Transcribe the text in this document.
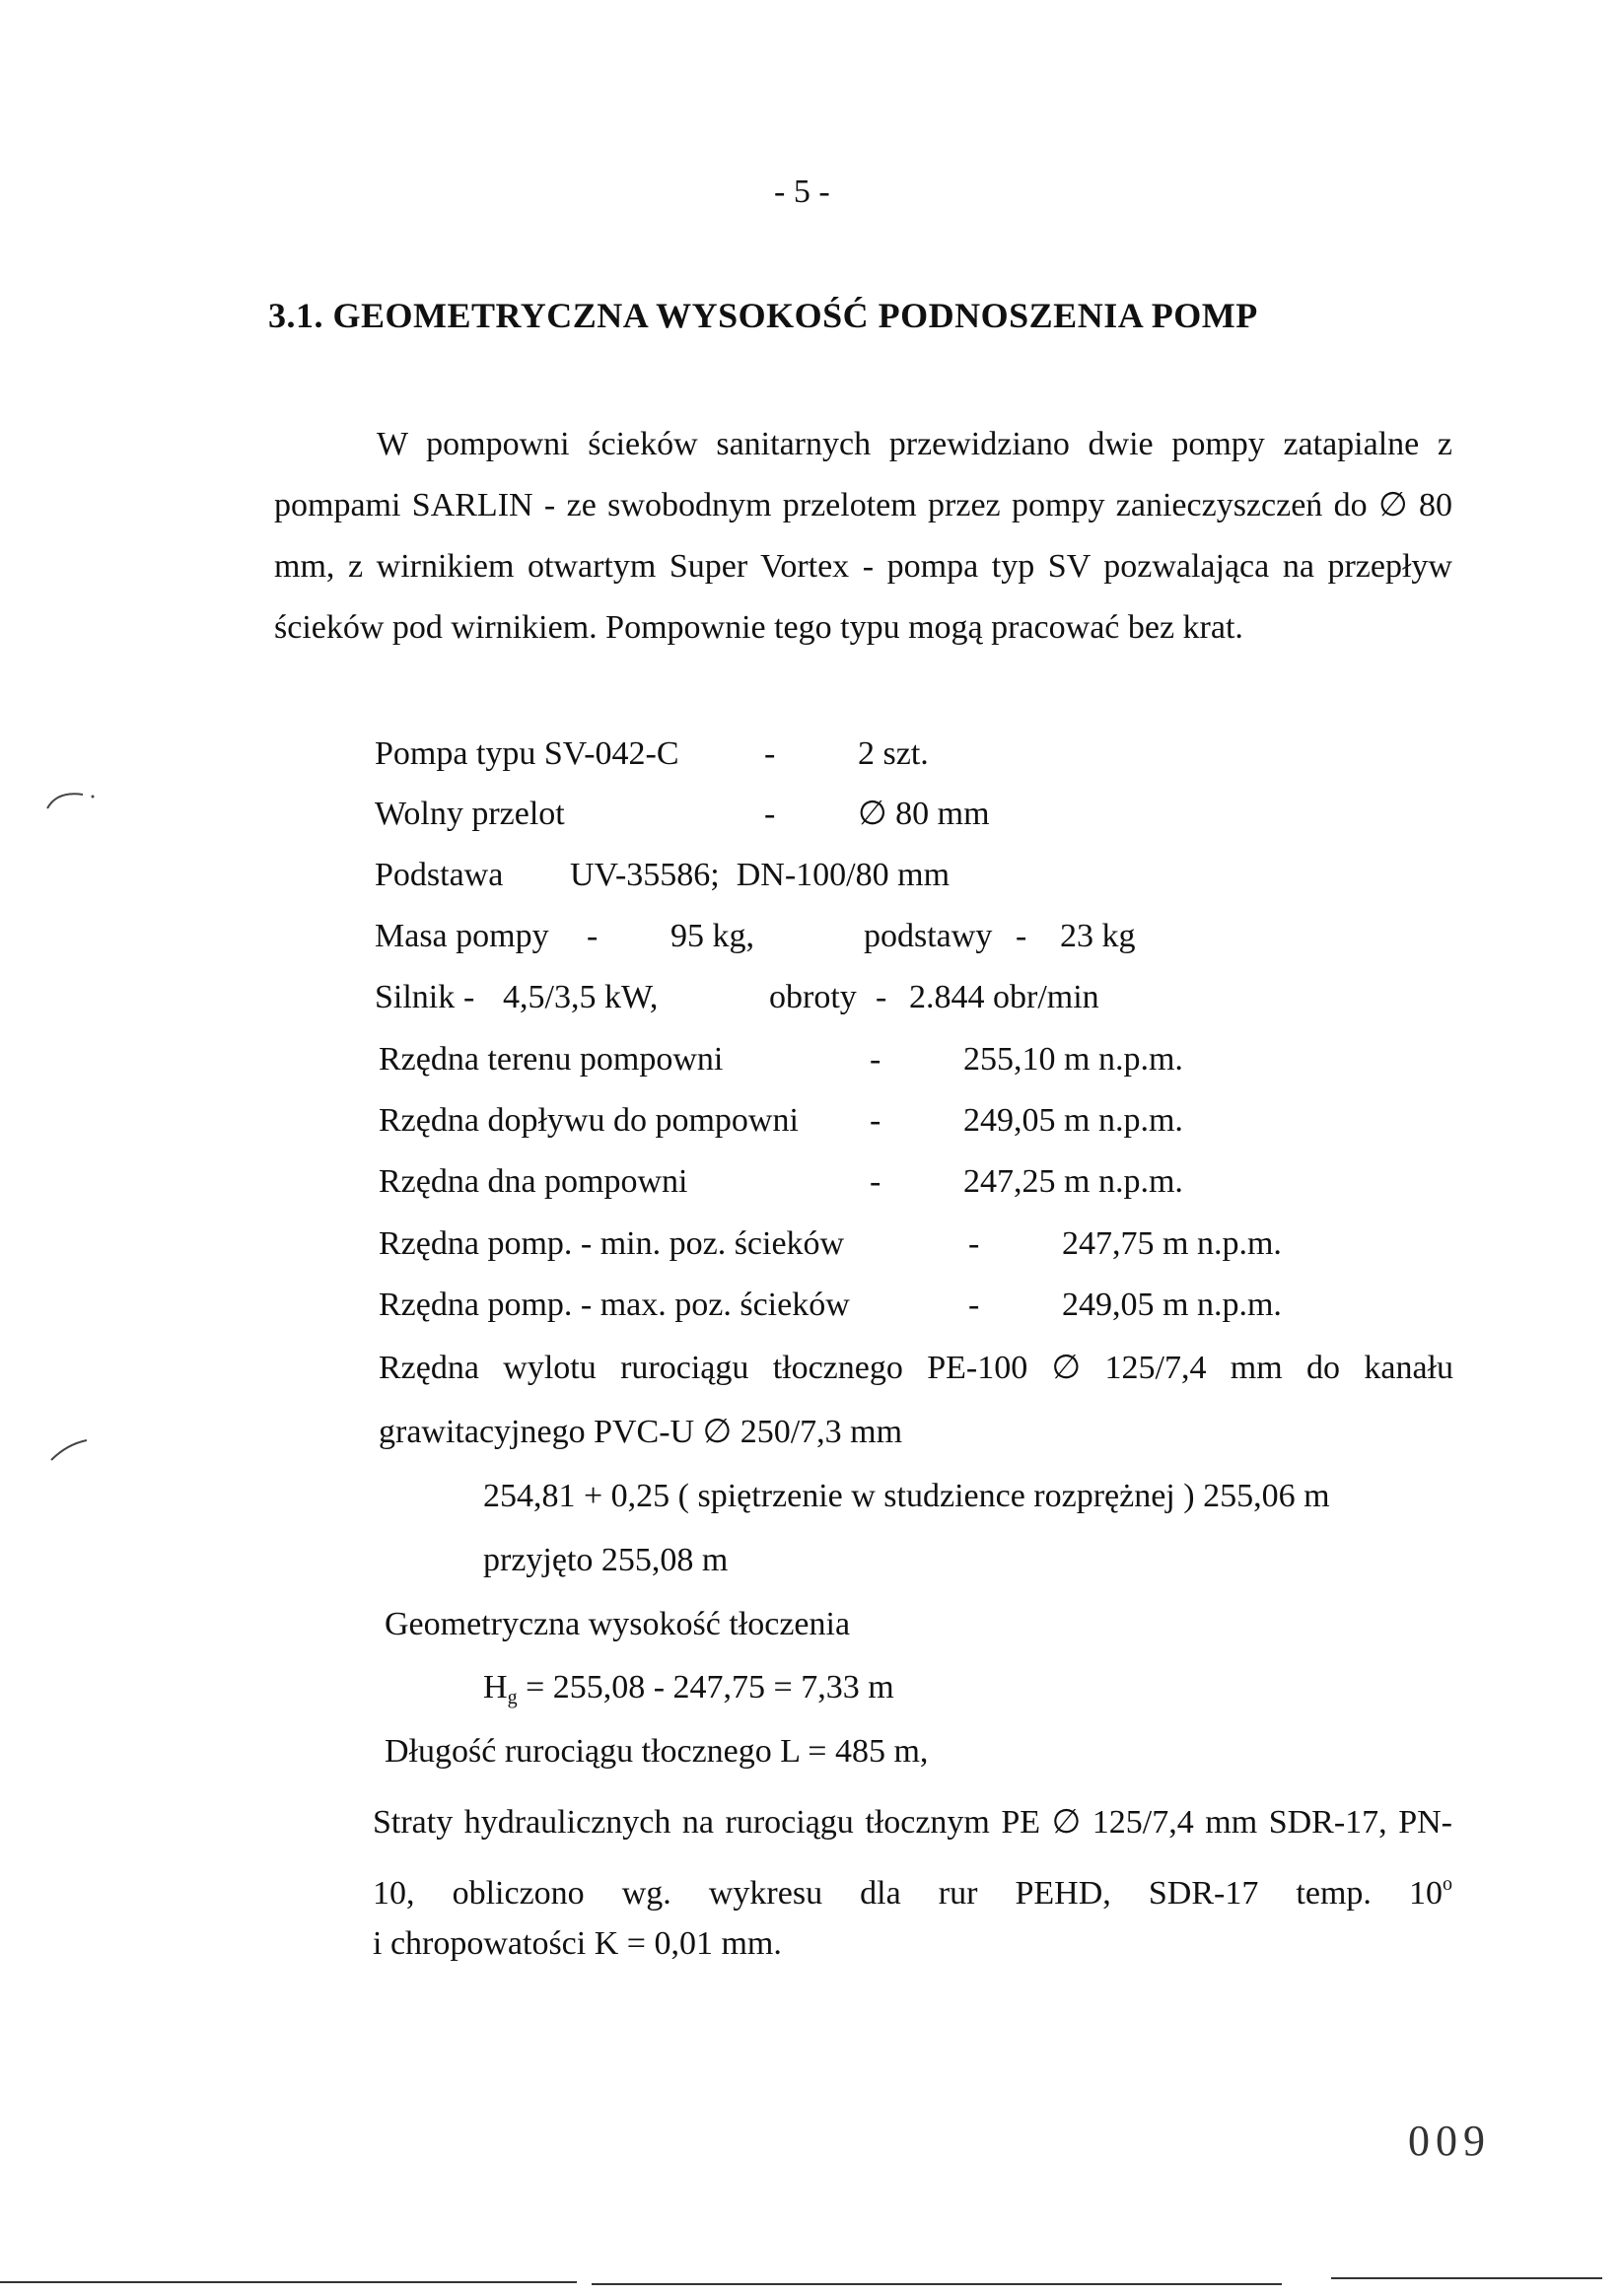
- 5 -
3.1. GEOMETRYCZNA WYSOKOŚĆ PODNOSZENIA POMP
W pompowni ścieków sanitarnych przewidziano dwie pompy zatapialne z pompami SARLIN - ze swobodnym przelotem przez pompy zanieczyszczeń do ∅ 80 mm, z wirnikiem otwartym Super Vortex - pompa typ SV pozwalająca na przepływ ścieków pod wirnikiem. Pompownie tego typu mogą pracować bez krat.
Pompa typu SV-042-C	- 2 szt.
Wolny przelot	- ∅ 80 mm
Podstawa UV-35586;  DN-100/80 mm
Masa pompy - 95 kg,	podstawy - 23 kg
Silnik - 4,5/3,5 kW,	obroty - 2.844 obr/min
Rzędna terenu pompowni	- 255,10 m n.p.m.
Rzędna dopływu do pompowni - 249,05 m n.p.m.
Rzędna dna pompowni	- 247,25 m n.p.m.
Rzędna pomp. - min. poz. ścieków	- 247,75 m n.p.m.
Rzędna pomp. - max. poz. ścieków	- 249,05 m n.p.m.
Rzędna wylotu rurociągu tłocznego PE-100 ∅ 125/7,4 mm do kanału
grawitacyjnego PVC-U ∅ 250/7,3 mm
254,81 + 0,25 ( spiętrzenie w studzience rozprężnej ) 255,06 m
przyjęto 255,08 m
Geometryczna wysokość tłoczenia
$H_g = 255,08 - 247,75 = 7,33$ m
Długość rurociągu tłocznego L = 485 m,
Straty hydraulicznych na rurociągu tłocznym PE ∅ 125/7,4 mm SDR-17, PN-10, obliczono wg. wykresu dla rur PEHD, SDR-17 temp. 10$^o$
i chropowatości K = 0,01 mm.
009
